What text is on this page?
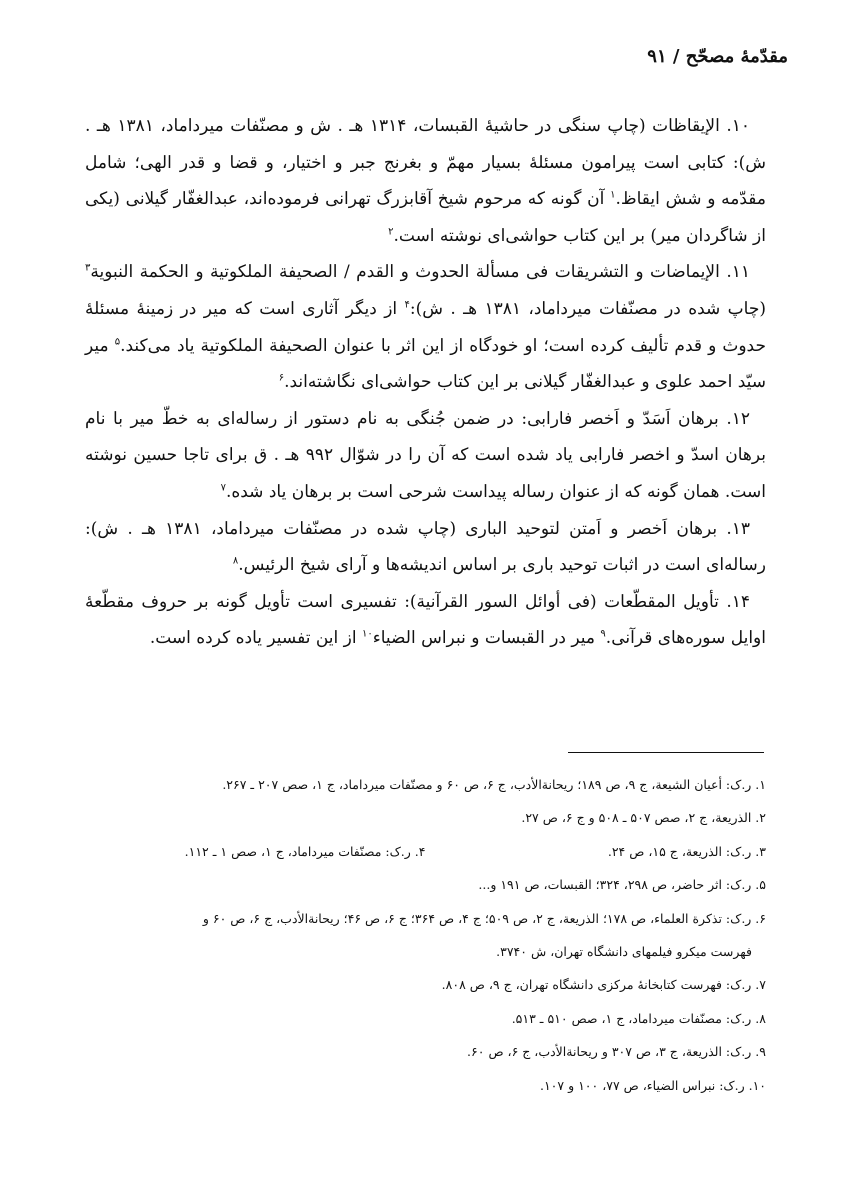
مقدّمهٔ مصحّح / ۹۱

۱۰. الإیقاظات (چاپ سنگی در حاشیهٔ القبسات، ۱۳۱۴ هـ . ش و مصنّفات میرداماد، ۱۳۸۱ هـ . ش): کتابی است پیرامون مسئلهٔ بسیار مهمّ و بغرنج جبر و اختیار، و قضا و قدر الهی؛ شامل مقدّمه و شش ایقاظ.$^۱$ آن گونه که مرحوم شیخ آقابزرگ تهرانی فرموده‌اند، عبدالغفّار گیلانی (یکی از شاگردان میر) بر این کتاب حواشی‌ای نوشته است.$^۲$

۱۱. الإیماضات و التشریقات فی مسألة الحدوث و القدم / الصحیفة الملکوتیة و الحکمة النبویة$^۳$ (چاپ شده در مصنّفات میرداماد، ۱۳۸۱ هـ . ش):$^۴$ از دیگر آثاری است که میر در زمینهٔ مسئلهٔ حدوث و قدم تألیف کرده است؛ او خودگاه از این اثر با عنوان الصحیفة الملکوتیة یاد می‌کند.$^۵$ میر سیّد احمد علوی و عبدالغفّار گیلانی بر این کتاب حواشی‌ای نگاشته‌اند.$^۶$

۱۲. برهان اَسَدّ و اَخصر فارابی: در ضمن جُنگی به نام دستور از رساله‌ای به خطّ میر با نام برهان اسدّ و اخصر فارابی یاد شده است که آن را در شوّال ۹۹۲ هـ . ق برای تاجا حسین نوشته است. همان گونه که از عنوان رساله پیداست شرحی است بر برهان یاد شده.$^۷$

۱۳. برهان اَخصر و اَمتن لتوحید الباری (چاپ شده در مصنّفات میرداماد، ۱۳۸۱ هـ . ش): رساله‌ای است در اثبات توحید باری بر اساس اندیشه‌ها و آرای شیخ الرئیس.$^۸$

۱۴. تأویل المقطّعات (فی أوائل السور القرآنیة): تفسیری است تأویل گونه بر حروف مقطّعهٔ اوایل سوره‌های قرآنی.$^۹$ میر در القبسات و نبراس الضیاء$^{۱۰}$ از این تفسیر یاده کرده است.

۱. ر.ک: أعیان الشیعة، ج ۹، ص ۱۸۹؛ ریحانة‌الأدب، ج ۶، ص ۶۰ و مصنّفات میرداماد، ج ۱، صص ۲۰۷ ـ ۲۶۷.
۲. الذریعة، ج ۲، صص ۵۰۷ ـ ۵۰۸ و ج ۶، ص ۲۷.
۳. ر.ک: الذریعة، ج ۱۵، ص ۲۴.
۴. ر.ک: مصنّفات میرداماد، ج ۱، صص ۱ ـ ۱۱۲.
۵. ر.ک: اثر حاضر، ص ۲۹۸، ۳۲۴؛ القبسات، ص ۱۹۱ و...
۶. ر.ک: تذکرة العلماء، ص ۱۷۸؛ الذریعة، ج ۲، ص ۵۰۹؛ ج ۴، ص ۳۶۴؛ ج ۶، ص ۴۶؛ ریحانة‌الأدب، ج ۶، ص ۶۰ و
فهرست میکرو فیلمهای دانشگاه تهران، ش ۳۷۴۰.
۷. ر.ک: فهرست کتابخانهٔ مرکزی دانشگاه تهران، ج ۹، ص ۸۰۸.
۸. ر.ک: مصنّفات میرداماد، ج ۱، صص ۵۱۰ ـ ۵۱۳.
۹. ر.ک: الذریعة، ج ۳، ص ۳۰۷ و ریحانة‌الأدب، ج ۶، ص ۶۰.
۱۰. ر.ک: نبراس الضیاء، ص ۷۷، ۱۰۰ و ۱۰۷.
